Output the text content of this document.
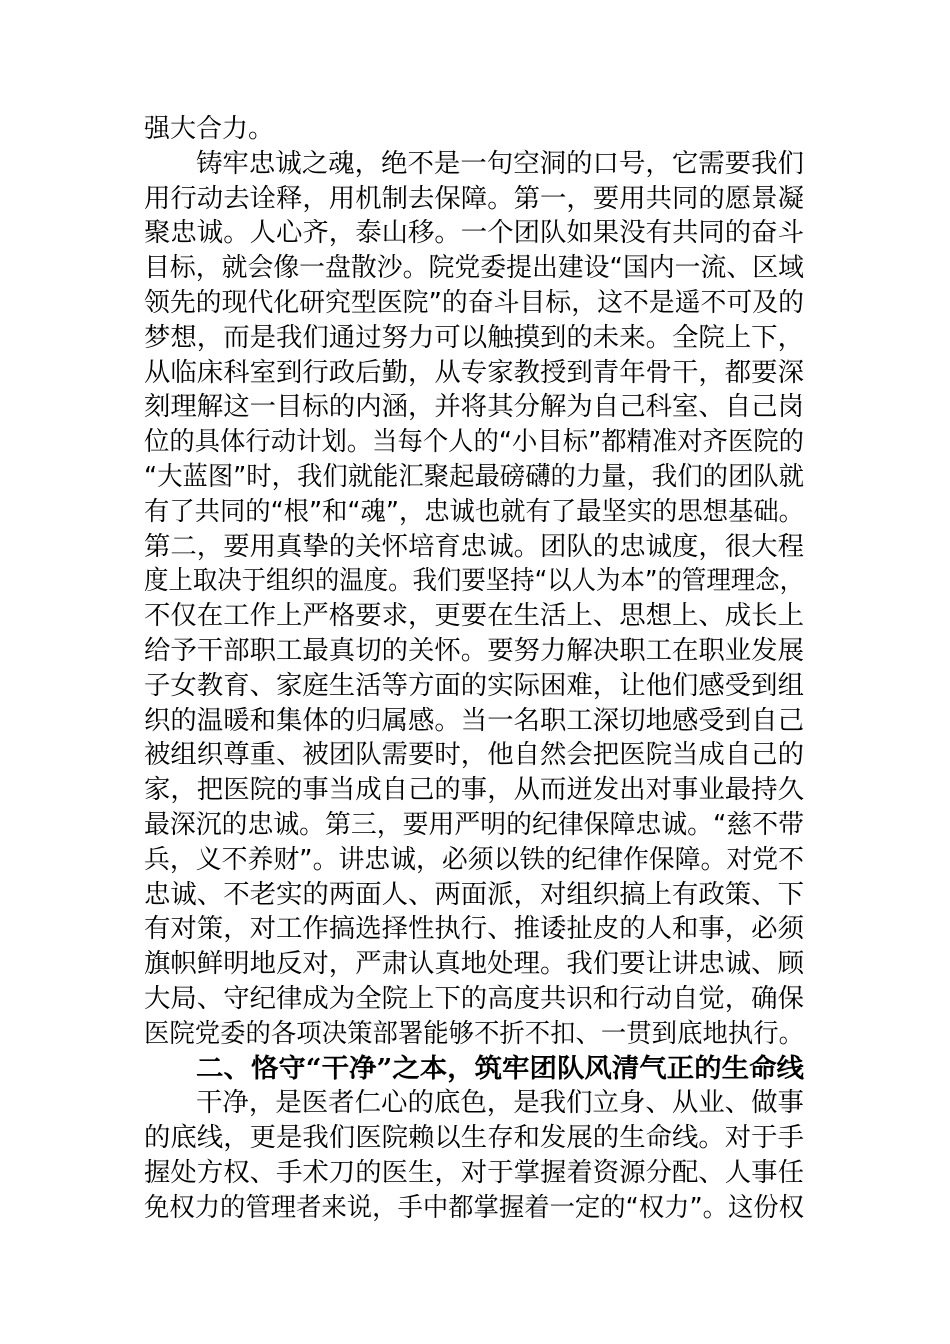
强大合力。
铸牢忠诚之魂，绝不是一句空洞的口号，它需要我们
用行动去诠释，用机制去保障。第一，要用共同的愿景凝
聚忠诚。人心齐，泰山移。一个团队如果没有共同的奋斗
目标，就会像一盘散沙。院党委提出建设“国内一流、区域
领先的现代化研究型医院”的奋斗目标，这不是遥不可及的
梦想，而是我们通过努力可以触摸到的未来。全院上下，
从临床科室到行政后勤，从专家教授到青年骨干，都要深
刻理解这一目标的内涵，并将其分解为自己科室、自己岗
位的具体行动计划。当每个人的“小目标”都精准对齐医院的
“大蓝图”时，我们就能汇聚起最磅礴的力量，我们的团队就
有了共同的“根”和“魂”，忠诚也就有了最坚实的思想基础。
第二，要用真挚的关怀培育忠诚。团队的忠诚度，很大程
度上取决于组织的温度。我们要坚持“以人为本”的管理理念，
不仅在工作上严格要求，更要在生活上、思想上、成长上
给予干部职工最真切的关怀。要努力解决职工在职业发展
子女教育、家庭生活等方面的实际困难，让他们感受到组
织的温暖和集体的归属感。当一名职工深切地感受到自己
被组织尊重、被团队需要时，他自然会把医院当成自己的
家，把医院的事当成自己的事，从而迸发出对事业最持久
最深沉的忠诚。第三，要用严明的纪律保障忠诚。“慈不带
兵，义不养财”。讲忠诚，必须以铁的纪律作保障。对党不
忠诚、不老实的两面人、两面派，对组织搞上有政策、下
有对策，对工作搞选择性执行、推诿扯皮的人和事，必须
旗帜鲜明地反对，严肃认真地处理。我们要让讲忠诚、顾
大局、守纪律成为全院上下的高度共识和行动自觉，确保
医院党委的各项决策部署能够不折不扣、一贯到底地执行。
二、恪守“干净”之本，筑牢团队风清气正的生命线
干净，是医者仁心的底色，是我们立身、从业、做事
的底线，更是我们医院赖以生存和发展的生命线。对于手
握处方权、手术刀的医生，对于掌握着资源分配、人事任
免权力的管理者来说，手中都掌握着一定的“权力”。这份权
